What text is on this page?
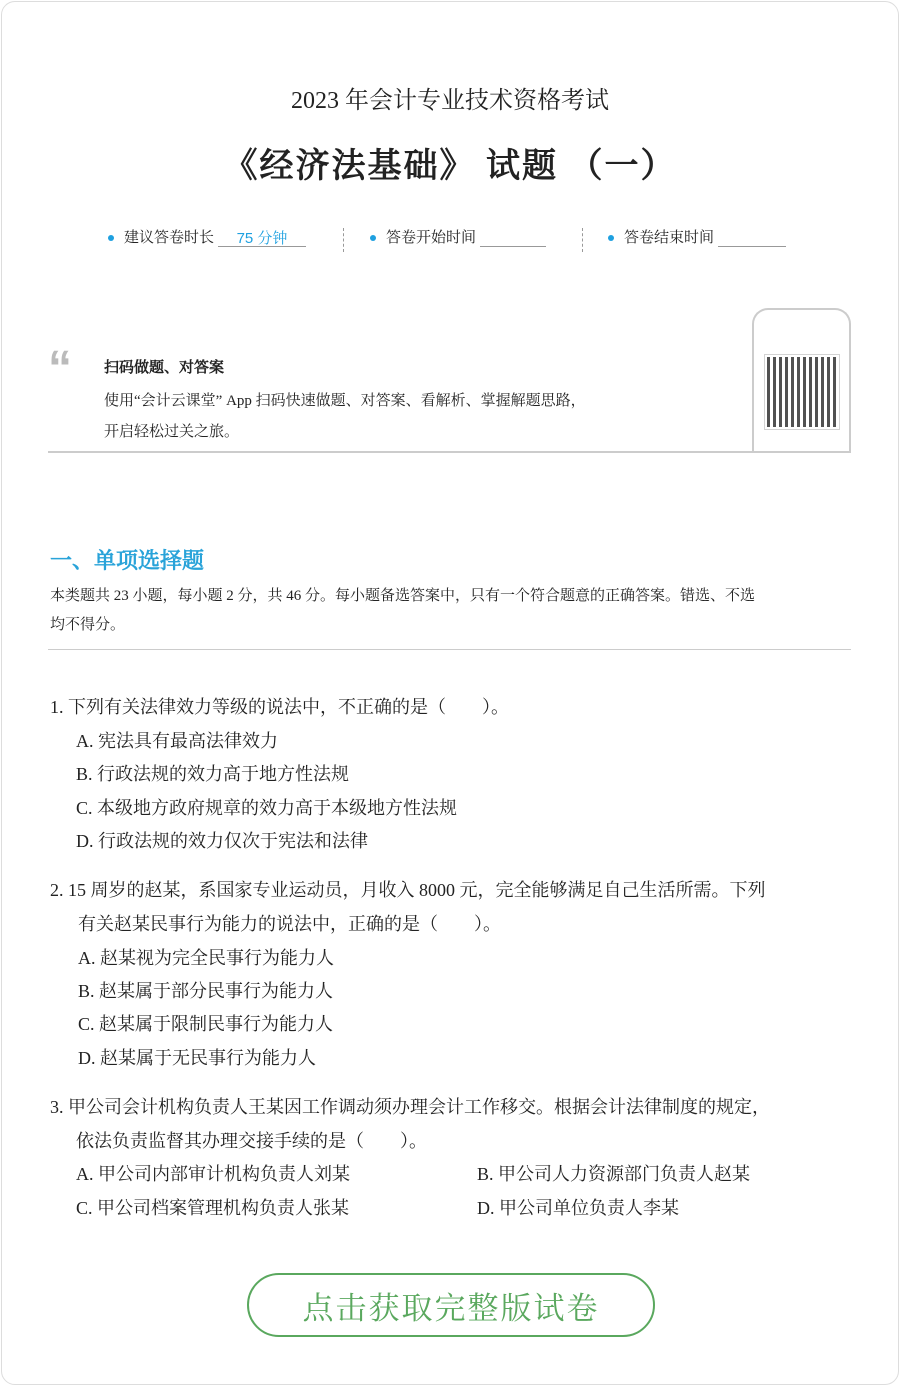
2023 年会计专业技术资格考试
《经济法基础》 试题 （一）
建议答卷时长	75 分钟	答卷开始时间	答卷结束时间
“ 扫码做题、对答案
使用“会计云课堂” App 扫码快速做题、对答案、看解析、掌握解题思路，
开启轻松过关之旅。
一、单项选择题
本类题共 23 小题，每小题 2 分，共 46 分。每小题备选答案中，只有一个符合题意的正确答案。错选、不选
均不得分。
1. 下列有关法律效力等级的说法中，不正确的是（　　）。
A. 宪法具有最高法律效力
B. 行政法规的效力高于地方性法规
C. 本级地方政府规章的效力高于本级地方性法规
D. 行政法规的效力仅次于宪法和法律
2. 15 周岁的赵某，系国家专业运动员，月收入 8000 元，完全能够满足自己生活所需。下列
有关赵某民事行为能力的说法中，正确的是（　　）。
A. 赵某视为完全民事行为能力人
B. 赵某属于部分民事行为能力人
C. 赵某属于限制民事行为能力人
D. 赵某属于无民事行为能力人
3. 甲公司会计机构负责人王某因工作调动须办理会计工作移交。根据会计法律制度的规定，
依法负责监督其办理交接手续的是（　　）。
A. 甲公司内部审计机构负责人刘某	B. 甲公司人力资源部门负责人赵某
C. 甲公司档案管理机构负责人张某	D. 甲公司单位负责人李某
点击获取完整版试卷
